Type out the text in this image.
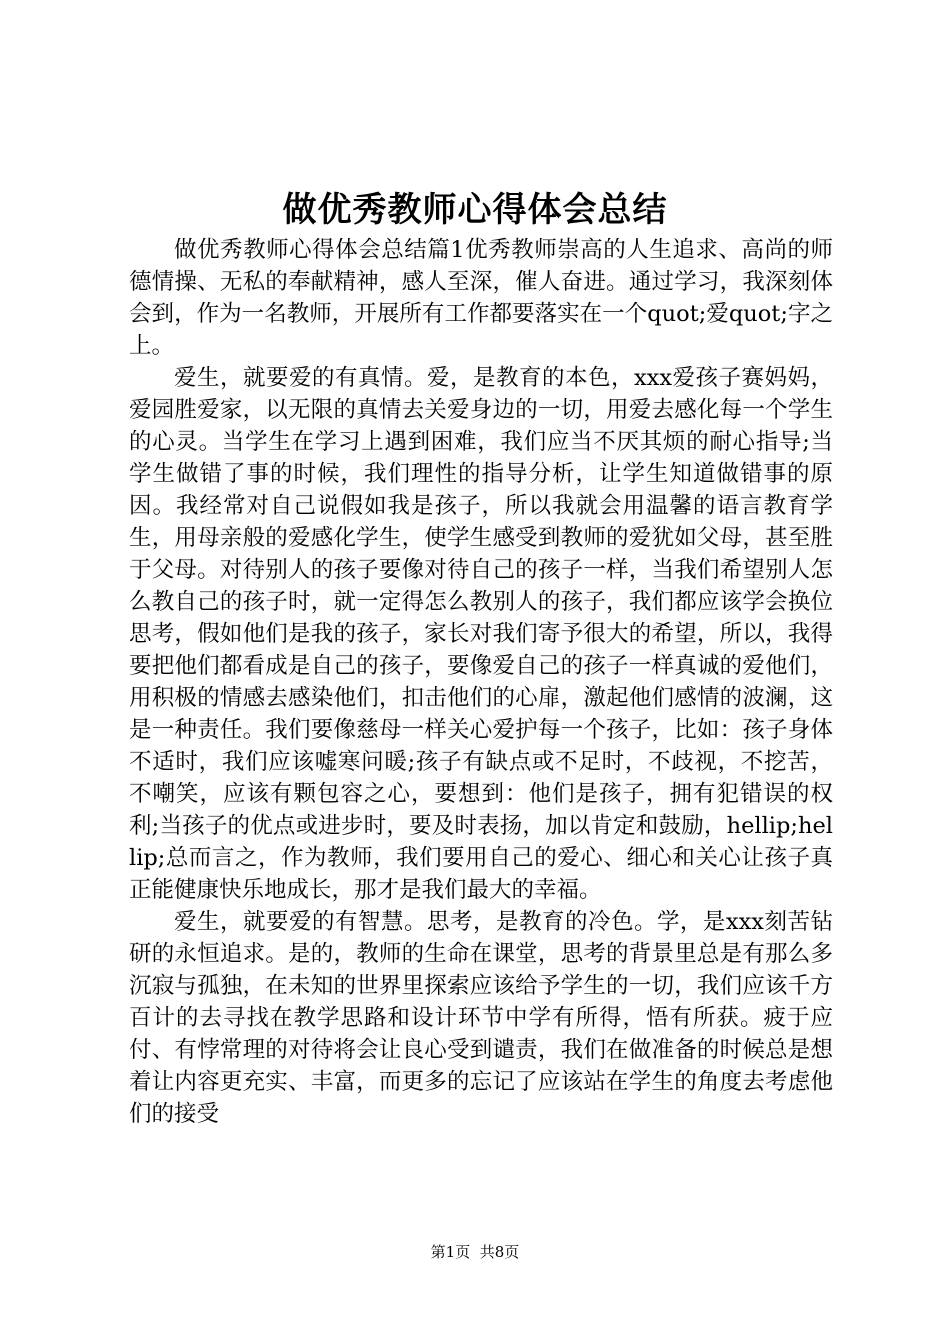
做优秀教师心得体会总结

做优秀教师心得体会总结篇1优秀教师崇高的人生追求、高尚的师德情操、无私的奉献精神，感人至深，催人奋进。通过学习，我深刻体会到，作为一名教师，开展所有工作都要落实在一个quot;爱quot;字之上。

爱生，就要爱的有真情。爱，是教育的本色，xxx爱孩子赛妈妈，爱园胜爱家，以无限的真情去关爱身边的一切，用爱去感化每一个学生的心灵。当学生在学习上遇到困难，我们应当不厌其烦的耐心指导;当学生做错了事的时候，我们理性的指导分析，让学生知道做错事的原因。我经常对自己说假如我是孩子，所以我就会用温馨的语言教育学生，用母亲般的爱感化学生，使学生感受到教师的爱犹如父母，甚至胜于父母。对待别人的孩子要像对待自己的孩子一样，当我们希望别人怎么教自己的孩子时，就一定得怎么教别人的孩子，我们都应该学会换位思考，假如他们是我的孩子，家长对我们寄予很大的希望，所以，我得要把他们都看成是自己的孩子，要像爱自己的孩子一样真诚的爱他们，用积极的情感去感染他们，扣击他们的心扉，激起他们感情的波澜，这是一种责任。我们要像慈母一样关心爱护每一个孩子，比如：孩子身体不适时，我们应该嘘寒问暖;孩子有缺点或不足时，不歧视，不挖苦，不嘲笑，应该有颗包容之心，要想到：他们是孩子，拥有犯错误的权利;当孩子的优点或进步时，要及时表扬，加以肯定和鼓励，hellip;hellip;总而言之，作为教师，我们要用自己的爱心、细心和关心让孩子真正能健康快乐地成长，那才是我们最大的幸福。

爱生，就要爱的有智慧。思考，是教育的冷色。学，是xxx刻苦钻研的永恒追求。是的，教师的生命在课堂，思考的背景里总是有那么多沉寂与孤独，在未知的世界里探索应该给予学生的一切，我们应该千方百计的去寻找在教学思路和设计环节中学有所得，悟有所获。疲于应付、有悖常理的对待将会让良心受到谴责，我们在做准备的时候总是想着让内容更充实、丰富，而更多的忘记了应该站在学生的角度去考虑他们的接受

第1页 共8页
